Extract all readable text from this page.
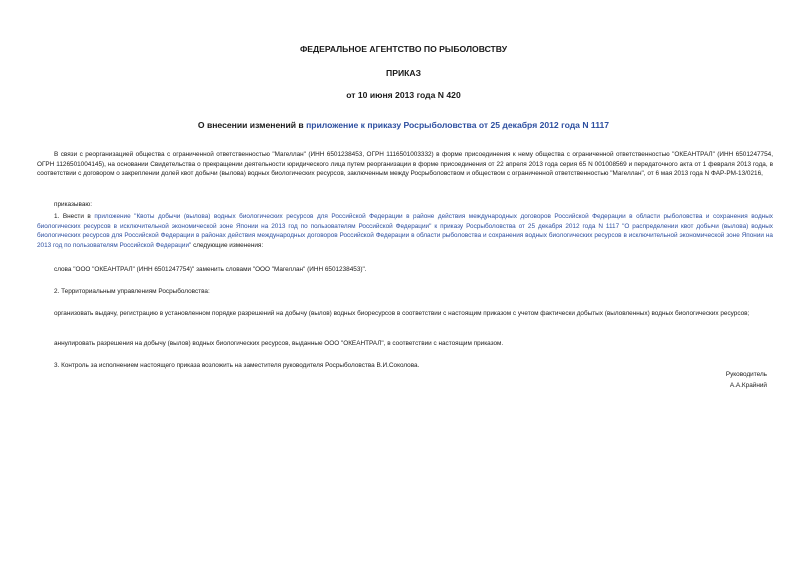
ФЕДЕРАЛЬНОЕ АГЕНТСТВО ПО РЫБОЛОВСТВУ
ПРИКАЗ
от 10 июня 2013 года N 420
О внесении изменений в приложение к приказу Росрыболовства от 25 декабря 2012 года N 1117
В связи с реорганизацией общества с ограниченной ответственностью "Магеллан" (ИНН 6501238453, ОГРН 1116501003332) в форме присоединения к нему общества с ограниченной ответственностью "ОКЕАНТРАЛ" (ИНН 6501247754, ОГРН 1126501004145), на основании Свидетельства о прекращении деятельности юридического лица путем реорганизации в форме присоединения от 22 апреля 2013 года серия 65 N 001008569 и передаточного акта от 1 февраля 2013 года, в соответствии с договором о закреплении долей квот добычи (вылова) водных биологических ресурсов, заключенным между Росрыболовством и обществом с ограниченной ответственностью "Магеллан", от 6 мая 2013 года N ФАР-РМ-13/0216,
приказываю:
1. Внести в приложение "Квоты добычи (вылова) водных биологических ресурсов для Российской Федерации в районе действия международных договоров Российской Федерации в области рыболовства и сохранения водных биологических ресурсов в исключительной экономической зоне Японии на 2013 год по пользователям Российской Федерации" к приказу Росрыболовства от 25 декабря 2012 года N 1117 "О распределении квот добычи (вылова) водных биологических ресурсов для Российской Федерации в районах действия международных договоров Российской Федерации в области рыболовства и сохранения водных биологических ресурсов в исключительной экономической зоне Японии на 2013 год по пользователям Российской Федерации" следующие изменения:
слова "ООО "ОКЕАНТРАЛ" (ИНН 6501247754)" заменить словами "ООО "Магеллан" (ИНН 6501238453)".
2. Территориальным управлениям Росрыболовства:
организовать выдачу, регистрацию в установленном порядке разрешений на добычу (вылов) водных биоресурсов в соответствии с настоящим приказом с учетом фактически добытых (выловленных) водных биологических ресурсов;
аннулировать разрешения на добычу (вылов) водных биологических ресурсов, выданные ООО "ОКЕАНТРАЛ", в соответствии с настоящим приказом.
3. Контроль за исполнением настоящего приказа возложить на заместителя руководителя Росрыболовства В.И.Соколова.
Руководитель
А.А.Крайний
